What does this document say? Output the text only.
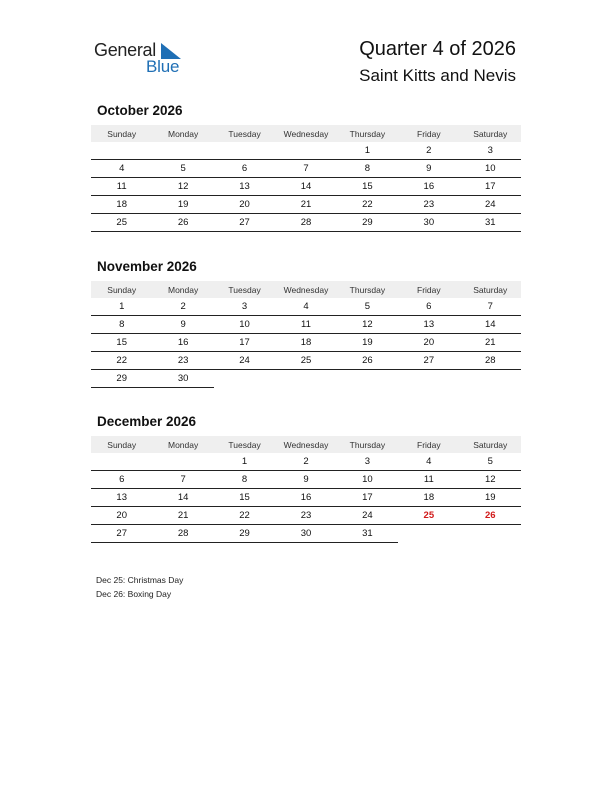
General
Blue
Quarter 4 of 2026
Saint Kitts and Nevis
October 2026
Sunday	Monday	Tuesday	Wednesday	Thursday	Friday	Saturday
				1	2	3
4	5	6	7	8	9	10
11	12	13	14	15	16	17
18	19	20	21	22	23	24
25	26	27	28	29	30	31
November 2026
Sunday	Monday	Tuesday	Wednesday	Thursday	Friday	Saturday
1	2	3	4	5	6	7
8	9	10	11	12	13	14
15	16	17	18	19	20	21
22	23	24	25	26	27	28
29	30					
December 2026
Sunday	Monday	Tuesday	Wednesday	Thursday	Friday	Saturday
		1	2	3	4	5
6	7	8	9	10	11	12
13	14	15	16	17	18	19
20	21	22	23	24	25	26
27	28	29	30	31		
Dec 25: Christmas Day
Dec 26: Boxing Day
